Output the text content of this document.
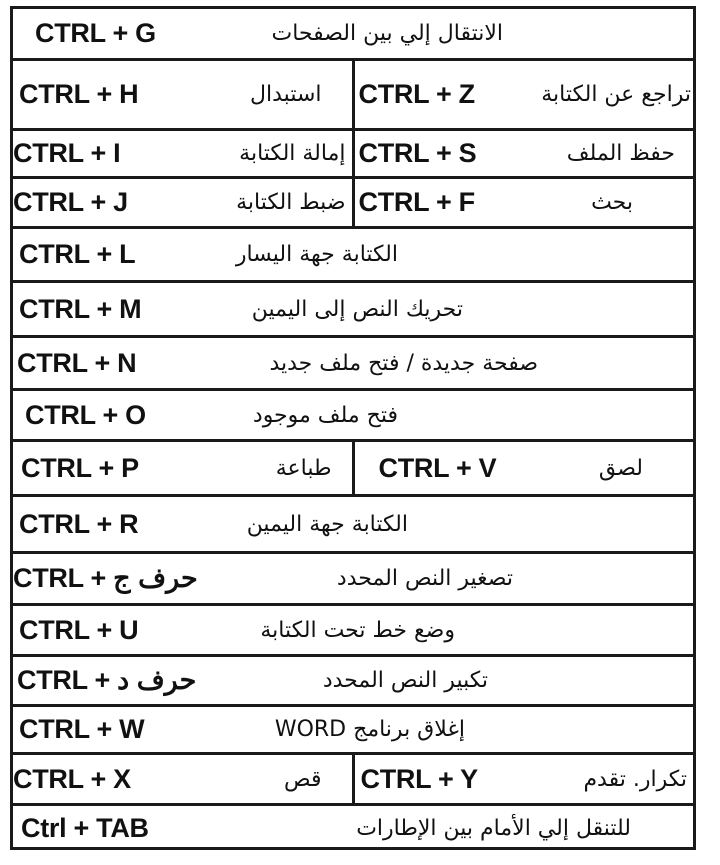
CTRL + G	الانتقال إلي بين الصفحات
CTRL + H	استبدال CTRL + Z	تراجع عن الكتابة
CTRL + I	إمالة الكتابة CTRL + S	حفظ الملف
CTRL + J	ضبط الكتابة CTRL + F	بحث
CTRL + L	الكتابة جهة اليسار
CTRL + M	تحريك النص إلى اليمين
CTRL + N	صفحة جديدة / فتح ملف جديد
CTRL + O	فتح ملف موجود
CTRL + P	طباعة CTRL + V	لصق
CTRL + R	الكتابة جهة اليمين
CTRL + حرف ج	تصغير النص المحدد
CTRL + U	وضع خط تحت الكتابة
CTRL + حرف د	تكبير النص المحدد
CTRL + W	إغلاق برنامج WORD
CTRL + X	قص CTRL + Y	تكرار. تقدم
Ctrl + TAB	للتنقل إلي الأمام بين الإطارات
